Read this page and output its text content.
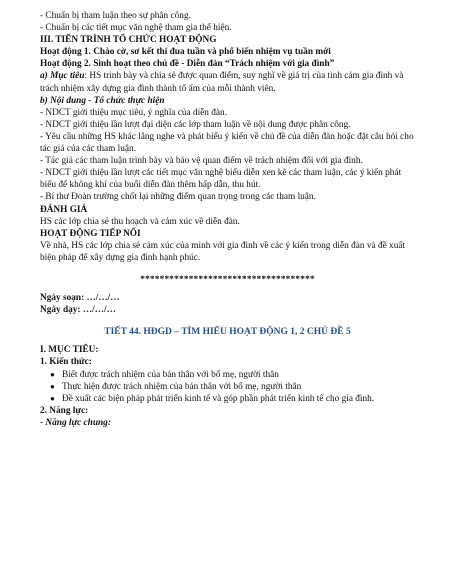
- Chuẩn bị tham luận theo sự phân công.
- Chuẩn bị các tiết mục văn nghệ tham gia thể hiện.
III. TIẾN TRÌNH TỔ CHỨC HOẠT ĐỘNG
Hoạt động 1. Chào cờ, sơ kết thi đua tuần và phổ biến nhiệm vụ tuần mới
Hoạt động 2. Sinh hoạt theo chủ đề - Diễn đàn “Trách nhiệm với gia đình”
a) Mục tiêu: HS trình bày và chia sẻ được quan điểm, suy nghĩ về giá trị của tình cảm gia đình và trách nhiệm xây dựng gia đình thành tổ ấm của mỗi thành viên.
b) Nội dung - Tổ chức thực hiện
- NDCT giới thiệu mục tiêu, ý nghĩa của diễn đàn.
- NDCT giới thiệu lần lượt đại diện các lớp tham luận về nội dung được phân công.
- Yêu cầu những HS khác lắng nghe và phát biểu ý kiến về chủ đề của diễn đàn hoặc đặt câu hỏi cho tác giả của các tham luận.
- Tác giả các tham luận trình bày và bảo vệ quan điểm về trách nhiệm đối với gia đình.
- NDCT giới thiệu lần lượt các tiết mục văn nghệ biểu diễn xen kẽ các tham luận, các ý kiến phát biểu để không khí của buổi diễn đàn thêm hấp dẫn, thu hút.
- Bí thư Đoàn trường chốt lại những điểm quan trọng trong các tham luận.
ĐÁNH GIÁ
HS các lớp chia sẻ thu hoạch và cảm xúc về diễn đàn.
HOẠT ĐỘNG TIẾP NỐI
Về nhà, HS các lớp chia sẻ cảm xúc của mình với gia đình về các ý kiến trong diễn đàn và đề xuất biện pháp để xây dựng gia đình hạnh phúc.
************************************
Ngày soạn: …/…/…
Ngày dạy: …/…/…
TIẾT 44. HĐGD – TÌM HIỂU HOẠT ĐỘNG 1, 2 CHỦ ĐỀ 5
I. MỤC TIÊU:
1. Kiến thức:
● Biết được trách nhiệm của bản thân với bố mẹ, người thân
● Thực hiện được trách nhiệm của bản thân với bố mẹ, người thân
● Đề xuất các biện pháp phát triển kinh tế và góp phần phát triển kinh tế cho gia đình.
2. Năng lực:
- Năng lực chung:
